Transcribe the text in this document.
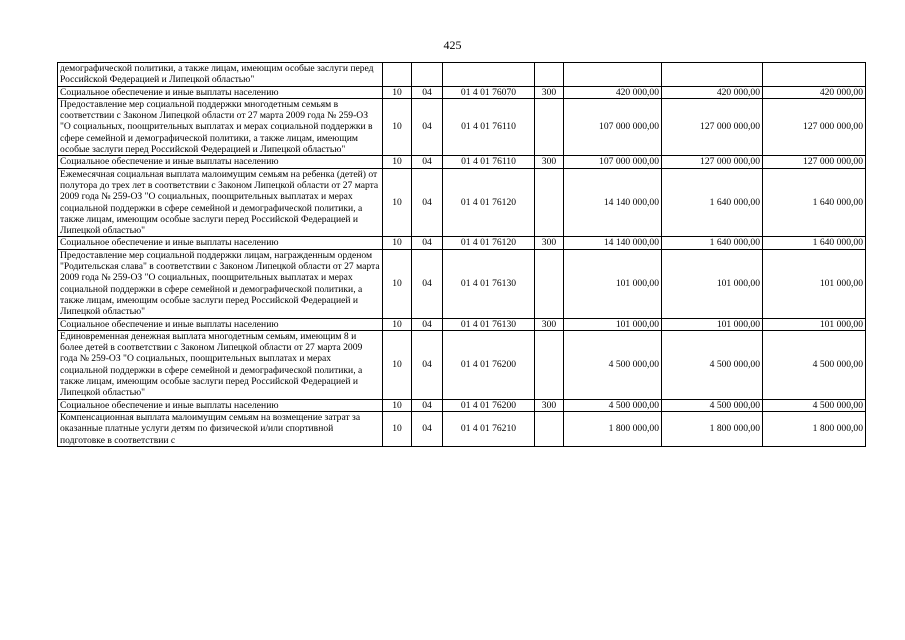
425
демографической политики, а также лицам, имеющим особые заслуги перед Российской Федерацией и Липецкой областью"							
Социальное обеспечение и иные выплаты населению	10	04	01 4 01 76070	300	420 000,00	420 000,00	420 000,00
Предоставление мер социальной поддержки многодетным семьям в соответствии с Законом Липецкой области от 27 марта 2009 года № 259-ОЗ "О социальных, поощрительных выплатах и мерах социальной поддержки в сфере семейной и демографической политики, а также лицам, имеющим особые заслуги перед Российской Федерацией и Липецкой областью"	10	04	01 4 01 76110		107 000 000,00	127 000 000,00	127 000 000,00
Социальное обеспечение и иные выплаты населению	10	04	01 4 01 76110	300	107 000 000,00	127 000 000,00	127 000 000,00
Ежемесячная социальная выплата малоимущим семьям на ребенка (детей) от полутора до трех лет в соответствии с Законом Липецкой области от 27 марта 2009 года № 259-ОЗ "О социальных, поощрительных выплатах и мерах социальной поддержки в сфере семейной и демографической политики, а также лицам, имеющим особые заслуги перед Российской Федерацией и Липецкой областью"	10	04	01 4 01 76120		14 140 000,00	1 640 000,00	1 640 000,00
Социальное обеспечение и иные выплаты населению	10	04	01 4 01 76120	300	14 140 000,00	1 640 000,00	1 640 000,00
Предоставление мер социальной поддержки лицам, награжденным орденом "Родительская слава" в соответствии с Законом Липецкой области от 27 марта 2009 года № 259-ОЗ "О социальных, поощрительных выплатах и мерах социальной поддержки в сфере семейной и демографической политики, а также лицам, имеющим особые заслуги перед Российской Федерацией и Липецкой областью"	10	04	01 4 01 76130		101 000,00	101 000,00	101 000,00
Социальное обеспечение и иные выплаты населению	10	04	01 4 01 76130	300	101 000,00	101 000,00	101 000,00
Единовременная денежная выплата многодетным семьям, имеющим 8 и более детей в соответствии с Законом Липецкой области от 27 марта 2009 года № 259-ОЗ "О социальных, поощрительных выплатах и мерах социальной поддержки в сфере семейной и демографической политики, а также лицам, имеющим особые заслуги перед Российской Федерацией и Липецкой областью"	10	04	01 4 01 76200		4 500 000,00	4 500 000,00	4 500 000,00
Социальное обеспечение и иные выплаты населению	10	04	01 4 01 76200	300	4 500 000,00	4 500 000,00	4 500 000,00
Компенсационная выплата малоимущим семьям на возмещение затрат за оказанные платные услуги детям по физической и/или спортивной подготовке в соответствии с	10	04	01 4 01 76210		1 800 000,00	1 800 000,00	1 800 000,00
